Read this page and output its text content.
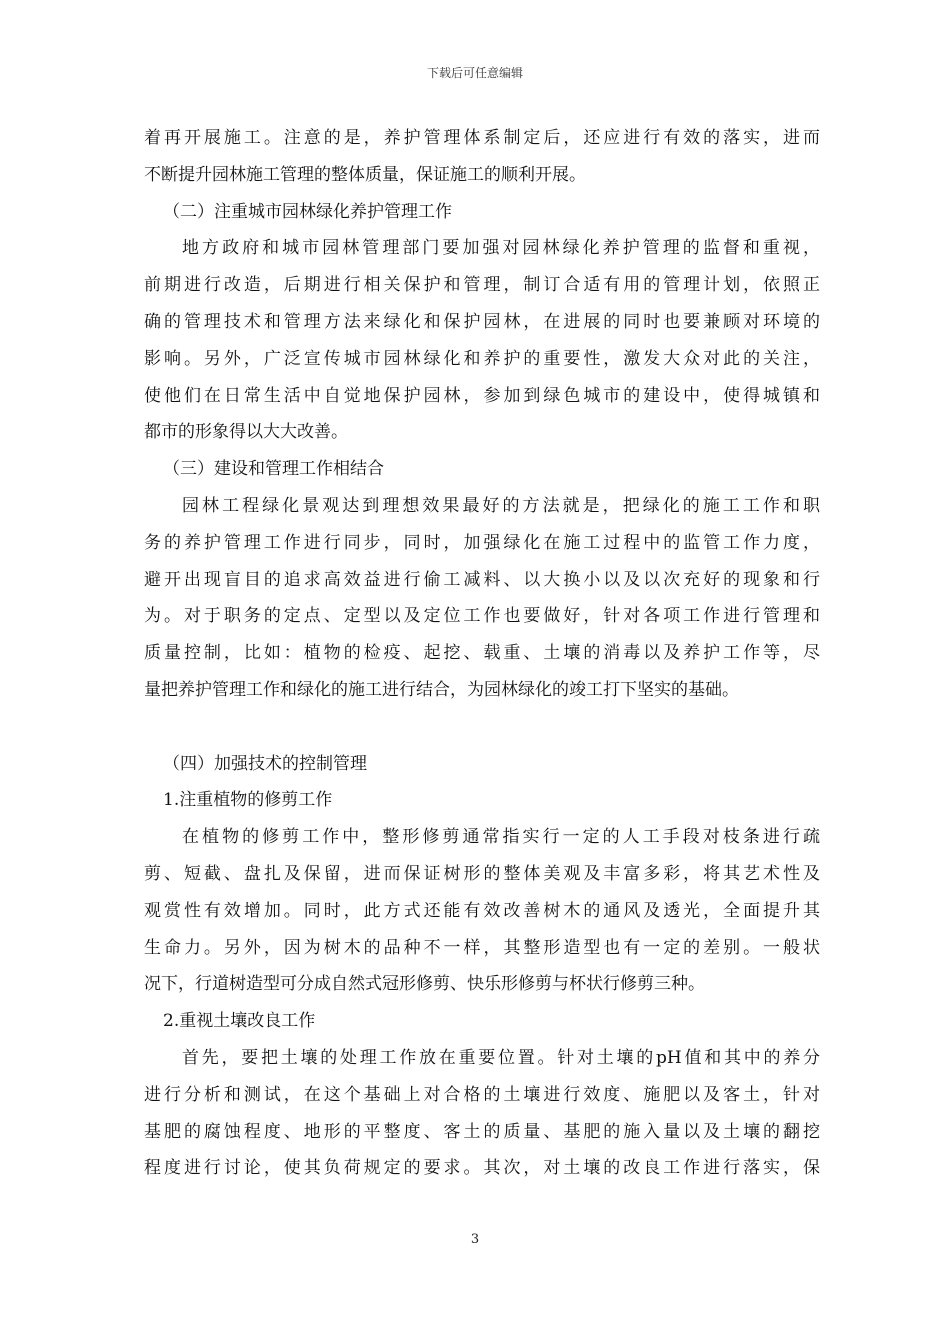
下载后可任意编辑
着再开展施工。注意的是，养护管理体系制定后，还应进行有效的落实，进而
不断提升园林施工管理的整体质量，保证施工的顺利开展。
（二）注重城市园林绿化养护管理工作
地方政府和城市园林管理部门要加强对园林绿化养护管理的监督和重视，
前期进行改造，后期进行相关保护和管理，制订合适有用的管理计划，依照正
确的管理技术和管理方法来绿化和保护园林，在进展的同时也要兼顾对环境的
影响。另外，广泛宣传城市园林绿化和养护的重要性，激发大众对此的关注，
使他们在日常生活中自觉地保护园林，参加到绿色城市的建设中，使得城镇和
都市的形象得以大大改善。
（三）建设和管理工作相结合
园林工程绿化景观达到理想效果最好的方法就是，把绿化的施工工作和职
务的养护管理工作进行同步，同时，加强绿化在施工过程中的监管工作力度，
避开出现盲目的追求高效益进行偷工减料、以大换小以及以次充好的现象和行
为。对于职务的定点、定型以及定位工作也要做好，针对各项工作进行管理和
质量控制，比如：植物的检疫、起挖、载重、土壤的消毒以及养护工作等，尽
量把养护管理工作和绿化的施工进行结合，为园林绿化的竣工打下坚实的基础。
（四）加强技术的控制管理
1.注重植物的修剪工作
在植物的修剪工作中，整形修剪通常指实行一定的人工手段对枝条进行疏
剪、短截、盘扎及保留，进而保证树形的整体美观及丰富多彩，将其艺术性及
观赏性有效增加。同时，此方式还能有效改善树木的通风及透光，全面提升其
生命力。另外，因为树木的品种不一样，其整形造型也有一定的差别。一般状
况下，行道树造型可分成自然式冠形修剪、快乐形修剪与杯状行修剪三种。
2.重视土壤改良工作
首先，要把土壤的处理工作放在重要位置。针对土壤的pH值和其中的养分
进行分析和测试，在这个基础上对合格的土壤进行效度、施肥以及客土，针对
基肥的腐蚀程度、地形的平整度、客土的质量、基肥的施入量以及土壤的翻挖
程度进行讨论，使其负荷规定的要求。其次，对土壤的改良工作进行落实，保
3
